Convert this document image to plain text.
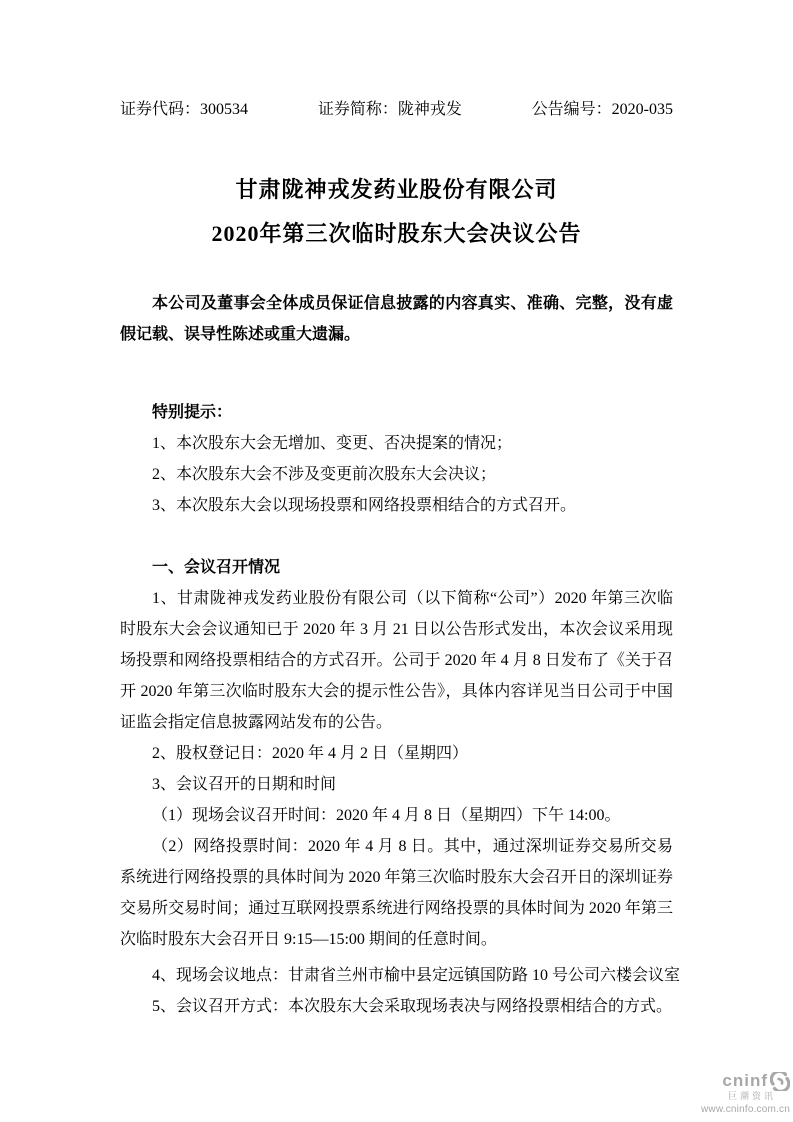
证券代码：300534	证券简称：陇神戎发	公告编号：2020-035
甘肃陇神戎发药业股份有限公司
2020年第三次临时股东大会决议公告
本公司及董事会全体成员保证信息披露的内容真实、准确、完整，没有虚假记载、误导性陈述或重大遗漏。
特别提示：
1、本次股东大会无增加、变更、否决提案的情况；
2、本次股东大会不涉及变更前次股东大会决议；
3、本次股东大会以现场投票和网络投票相结合的方式召开。
一、会议召开情况
1、甘肃陇神戎发药业股份有限公司（以下简称“公司”）2020 年第三次临时股东大会会议通知已于 2020 年 3 月 21 日以公告形式发出，本次会议采用现场投票和网络投票相结合的方式召开。公司于 2020 年 4 月 8 日发布了《关于召开 2020 年第三次临时股东大会的提示性公告》，具体内容详见当日公司于中国证监会指定信息披露网站发布的公告。
2、股权登记日：2020 年 4 月 2 日（星期四）
3、会议召开的日期和时间
（1）现场会议召开时间：2020 年 4 月 8 日（星期四）下午 14:00。
（2）网络投票时间：2020 年 4 月 8 日。其中，通过深圳证券交易所交易系统进行网络投票的具体时间为 2020 年第三次临时股东大会召开日的深圳证券交易所交易时间；通过互联网投票系统进行网络投票的具体时间为 2020 年第三次临时股东大会召开日 9:15—15:00 期间的任意时间。
4、现场会议地点：甘肃省兰州市榆中县定远镇国防路 10 号公司六楼会议室
5、会议召开方式：本次股东大会采取现场表决与网络投票相结合的方式。
cninf
巨潮资讯
www.cninfo.com.cn
